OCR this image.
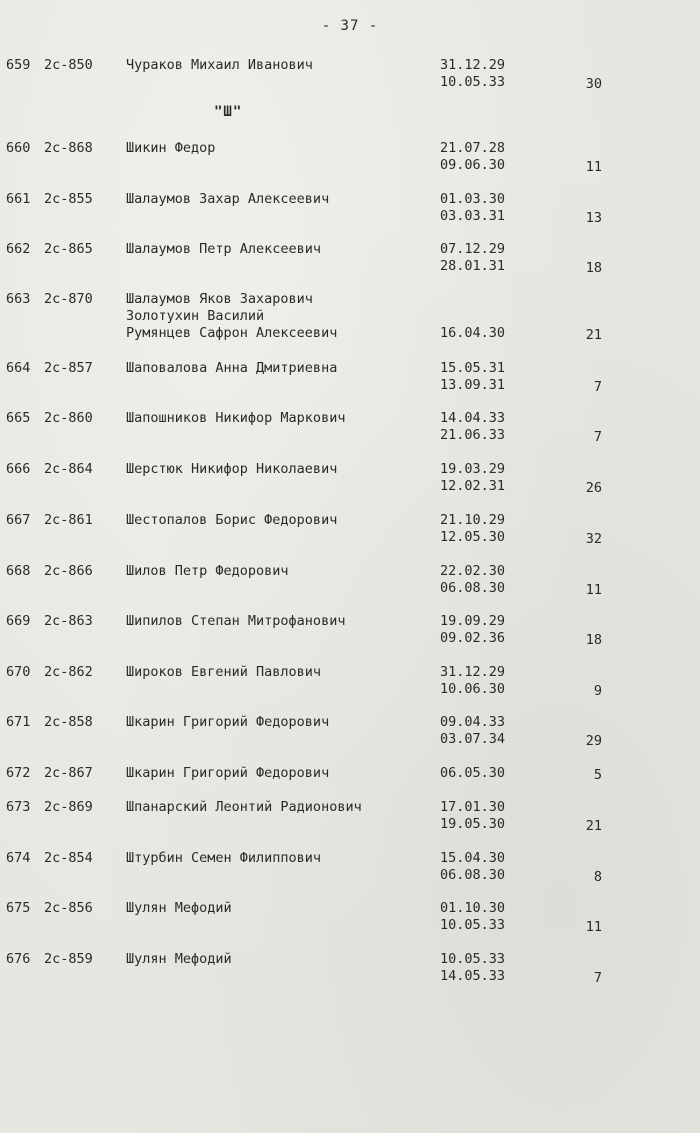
- 37 -
"Ш"
659	2с-850	Чураков Михаил Иванович	31.12.29
10.05.33	30
660	2с-868	Шикин Федор	21.07.28
09.06.30	11
661	2с-855	Шалаумов Захар Алексеевич	01.03.30
03.03.31	13
662	2с-865	Шалаумов Петр Алексеевич	07.12.29
28.01.31	18
663	2с-870	Шалаумов Яков Захарович
Золотухин Василий
Румянцев Сафрон Алексеевич

	16.04.30	21
664	2с-857	Шаповалова Анна Дмитриевна	15.05.31
13.09.31	7
665	2с-860	Шапошников Никифор Маркович	14.04.33
21.06.33	7
666	2с-864	Шерстюк Никифор Николаевич	19.03.29
12.02.31	26
667	2с-861	Шестопалов Борис Федорович	21.10.29
12.05.30	32
668	2с-866	Шилов Петр Федорович	22.02.30
06.08.30	11
669	2с-863	Шипилов Степан Митрофанович	19.09.29
09.02.36	18
670	2с-862	Широков Евгений Павлович	31.12.29
10.06.30	9
671	2с-858	Шкарин Григорий Федорович	09.04.33
03.07.34	29
672	2с-867	Шкарин Григорий Федорович	06.05.30
	5
673	2с-869	Шпанарский Леонтий Радионович	17.01.30
19.05.30	21
674	2с-854	Штурбин Семен Филиппович	15.04.30
06.08.30	8
675	2с-856	Шулян Мефодий	01.10.30
10.05.33	11
676	2с-859	Шулян Мефодий	10.05.33
14.05.33	7
